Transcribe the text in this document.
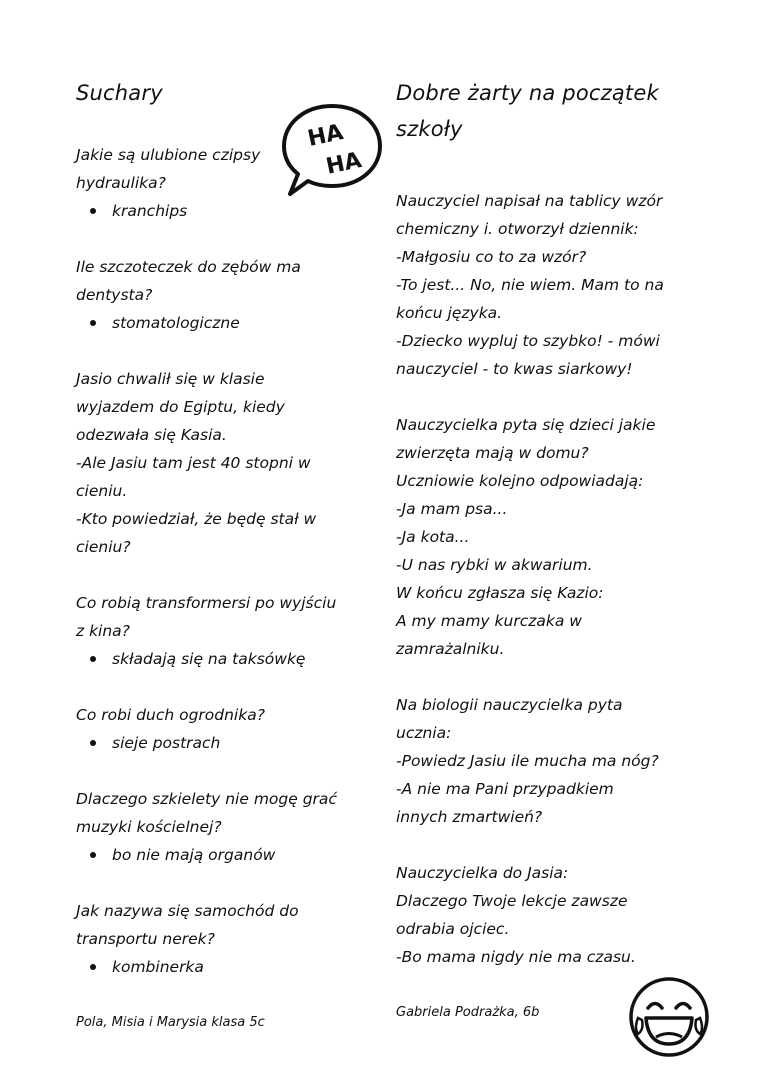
Suchary

Jakie są ulubione czipsy

hydraulika?

kranchips

Ile szczoteczek do zębów ma

dentysta?

stomatologiczne

Jasio chwalił się w klasie

wyjazdem do Egiptu, kiedy

odezwała się Kasia.

-Ale Jasiu tam jest 40 stopni w

cieniu.

-Kto powiedział, że będę stał w

cieniu?

Co robią transformersi po wyjściu

z kina?

składają się na taksówkę

Co robi duch ogrodnika?

sieje postrach

Dlaczego szkielety nie mogę grać

muzyki kościelnej?

bo nie mają organów

Jak nazywa się samochód do

transportu nerek?

kombinerka

Pola, Misia i Marysia klasa 5c
HA
HA
Dobre żarty na początek
szkoły

Nauczyciel napisał na tablicy wzór

chemiczny i. otworzył dziennik:

-Małgosiu co to za wzór?

-To jest... No, nie wiem. Mam to na

końcu języka.

-Dziecko wypluj to szybko! - mówi

nauczyciel - to kwas siarkowy!

Nauczycielka pyta się dzieci jakie

zwierzęta mają w domu?

Uczniowie kolejno odpowiadają:

-Ja mam psa...

-Ja kota...

-U nas rybki w akwarium.

W końcu zgłasza się Kazio:

A my mamy kurczaka w

zamrażalniku.

Na biologii nauczycielka pyta

ucznia:

-Powiedz Jasiu ile mucha ma nóg?

-A nie ma Pani przypadkiem

innych zmartwień?

Nauczycielka do Jasia:

Dlaczego Twoje lekcje zawsze

odrabia ojciec.

-Bo mama nigdy nie ma czasu.

Gabriela Podrażka, 6b
